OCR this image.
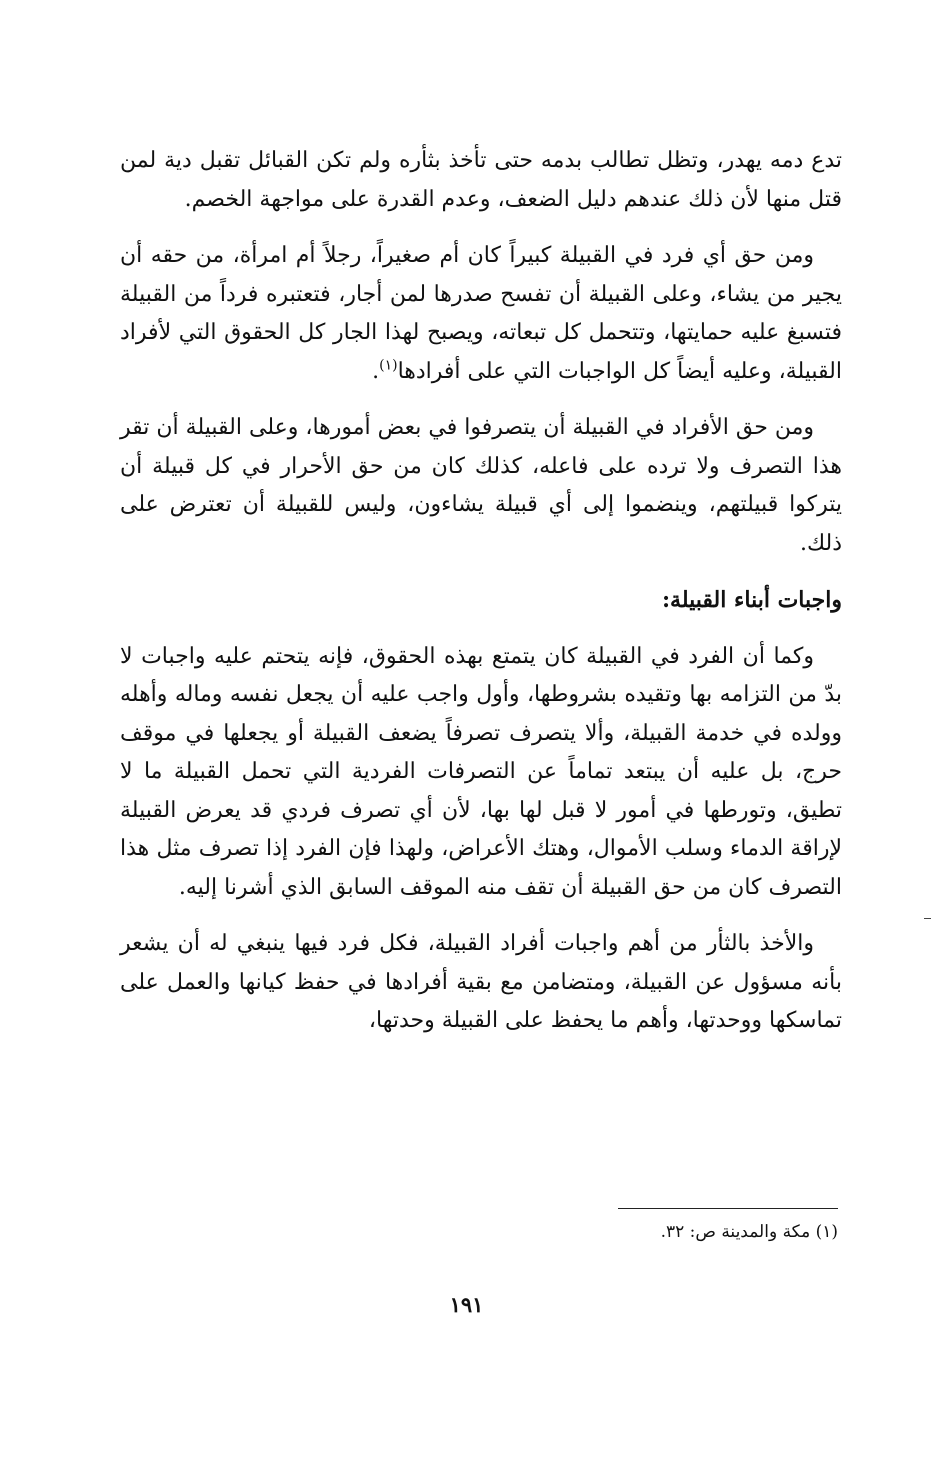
تدع دمه يهدر، وتظل تطالب بدمه حتى تأخذ بثأره ولم تكن القبائل تقبل دية لمن قتل منها لأن ذلك عندهم دليل الضعف، وعدم القدرة على مواجهة الخصم.

ومن حق أي فرد في القبيلة كبيراً كان أم صغيراً، رجلاً أم امرأة، من حقه أن يجير من يشاء، وعلى القبيلة أن تفسح صدرها لمن أجار، فتعتبره فرداً من القبيلة فتسبغ عليه حمايتها، وتتحمل كل تبعاته، ويصبح لهذا الجار كل الحقوق التي لأفراد القبيلة، وعليه أيضاً كل الواجبات التي على أفرادها$^{(١)}$.

ومن حق الأفراد في القبيلة أن يتصرفوا في بعض أمورها، وعلى القبيلة أن تقر هذا التصرف ولا ترده على فاعله، كذلك كان من حق الأحرار في كل قبيلة أن يتركوا قبيلتهم، وينضموا إلى أي قبيلة يشاءون، وليس للقبيلة أن تعترض على ذلك.

واجبات أبناء القبيلة:

وكما أن الفرد في القبيلة كان يتمتع بهذه الحقوق، فإنه يتحتم عليه واجبات لا بدّ من التزامه بها وتقيده بشروطها، وأول واجب عليه أن يجعل نفسه وماله وأهله وولده في خدمة القبيلة، وألا يتصرف تصرفاً يضعف القبيلة أو يجعلها في موقف حرج، بل عليه أن يبتعد تماماً عن التصرفات الفردية التي تحمل القبيلة ما لا تطيق، وتورطها في أمور لا قبل لها بها، لأن أي تصرف فردي قد يعرض القبيلة لإراقة الدماء وسلب الأموال، وهتك الأعراض، ولهذا فإن الفرد إذا تصرف مثل هذا التصرف كان من حق القبيلة أن تقف منه الموقف السابق الذي أشرنا إليه.

والأخذ بالثأر من أهم واجبات أفراد القبيلة، فكل فرد فيها ينبغي له أن يشعر بأنه مسؤول عن القبيلة، ومتضامن مع بقية أفرادها في حفظ كيانها والعمل على تماسكها ووحدتها، وأهم ما يحفظ على القبيلة وحدتها،

(١) مكة والمدينة ص: ٣٢.
١٩١
